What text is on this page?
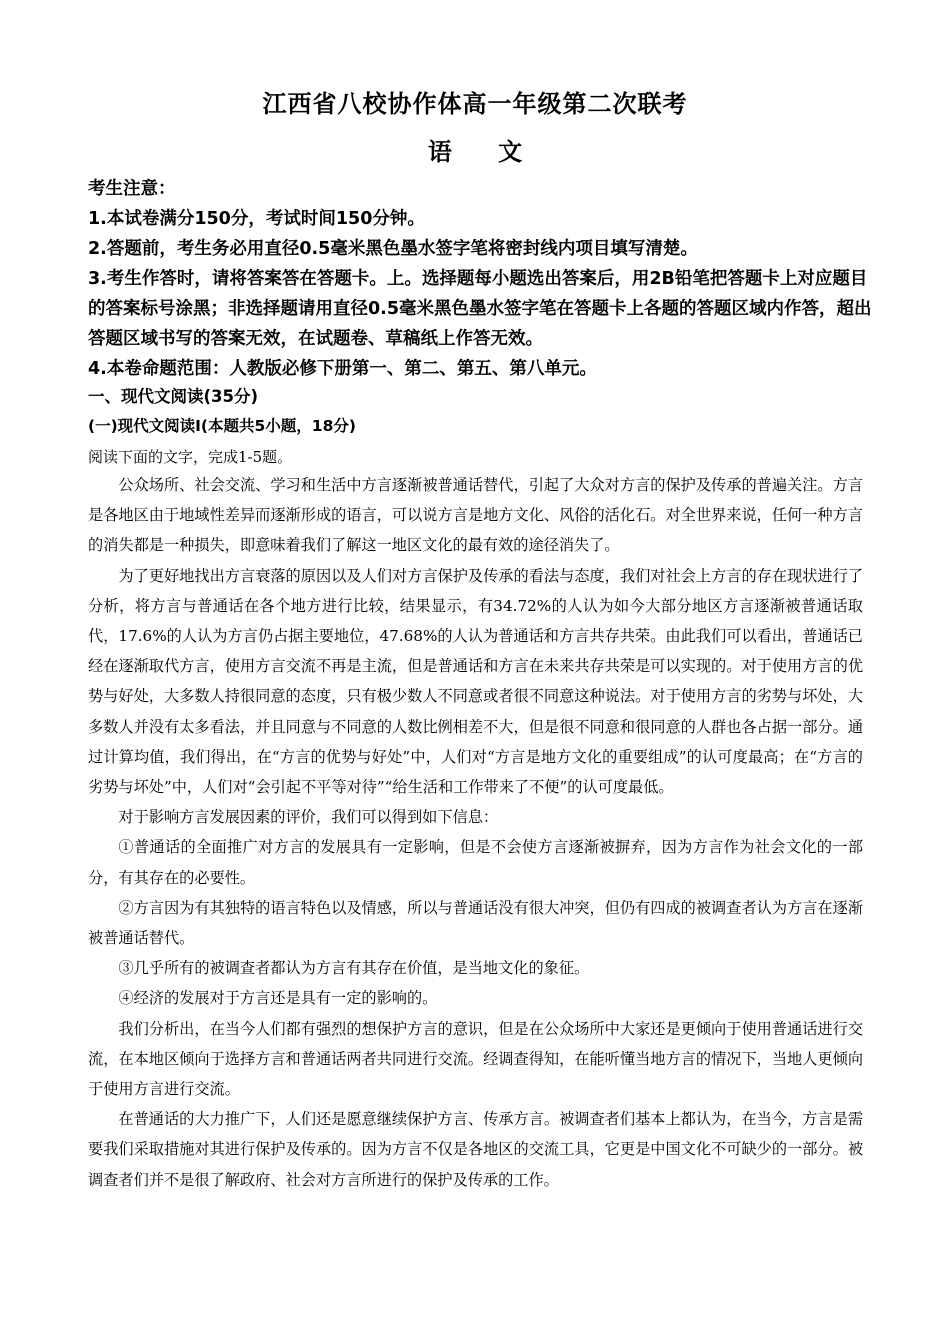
江西省八校协作体高一年级第二次联考
语 文
考生注意：
1.本试卷满分150分，考试时间150分钟。
2.答题前，考生务必用直径0.5毫米黑色墨水签字笔将密封线内项目填写清楚。
3.考生作答时，请将答案答在答题卡。上。选择题每小题选出答案后，用2B铅笔把答题卡上对应题目的答案标号涂黑；非选择题请用直径0.5毫米黑色墨水签字笔在答题卡上各题的答题区域内作答，超出答题区域书写的答案无效，在试题卷、草稿纸上作答无效。
4.本卷命题范围：人教版必修下册第一、第二、第五、第八单元。
一、现代文阅读(35分)
(一)现代文阅读Ⅰ(本题共5小题，18分)
阅读下面的文字，完成1-5题。

公众场所、社会交流、学习和生活中方言逐渐被普通话替代，引起了大众对方言的保护及传承的普遍关注。方言是各地区由于地域性差异而逐渐形成的语言，可以说方言是地方文化、风俗的活化石。对全世界来说，任何一种方言的消失都是一种损失，即意味着我们了解这一地区文化的最有效的途径消失了。

为了更好地找出方言衰落的原因以及人们对方言保护及传承的看法与态度，我们对社会上方言的存在现状进行了分析，将方言与普通话在各个地方进行比较，结果显示，有34.72%的人认为如今大部分地区方言逐渐被普通话取代，17.6%的人认为方言仍占据主要地位，47.68%的人认为普通话和方言共存共荣。由此我们可以看出，普通话已经在逐渐取代方言，使用方言交流不再是主流，但是普通话和方言在未来共存共荣是可以实现的。对于使用方言的优势与好处，大多数人持很同意的态度，只有极少数人不同意或者很不同意这种说法。对于使用方言的劣势与坏处，大多数人并没有太多看法，并且同意与不同意的人数比例相差不大，但是很不同意和很同意的人群也各占据一部分。通过计算均值，我们得出，在“方言的优势与好处”中，人们对“方言是地方文化的重要组成”的认可度最高；在“方言的劣势与坏处”中，人们对“会引起不平等对待”“给生活和工作带来了不便”的认可度最低。

对于影响方言发展因素的评价，我们可以得到如下信息：

①普通话的全面推广对方言的发展具有一定影响，但是不会使方言逐渐被摒弃，因为方言作为社会文化的一部分，有其存在的必要性。

②方言因为有其独特的语言特色以及情感，所以与普通话没有很大冲突，但仍有四成的被调查者认为方言在逐渐被普通话替代。

③几乎所有的被调查者都认为方言有其存在价值，是当地文化的象征。

④经济的发展对于方言还是具有一定的影响的。

我们分析出，在当今人们都有强烈的想保护方言的意识，但是在公众场所中大家还是更倾向于使用普通话进行交流，在本地区倾向于选择方言和普通话两者共同进行交流。经调查得知，在能听懂当地方言的情况下，当地人更倾向于使用方言进行交流。

在普通话的大力推广下，人们还是愿意继续保护方言、传承方言。被调查者们基本上都认为，在当今，方言是需要我们采取措施对其进行保护及传承的。因为方言不仅是各地区的交流工具，它更是中国文化不可缺少的一部分。被调查者们并不是很了解政府、社会对方言所进行的保护及传承的工作。
